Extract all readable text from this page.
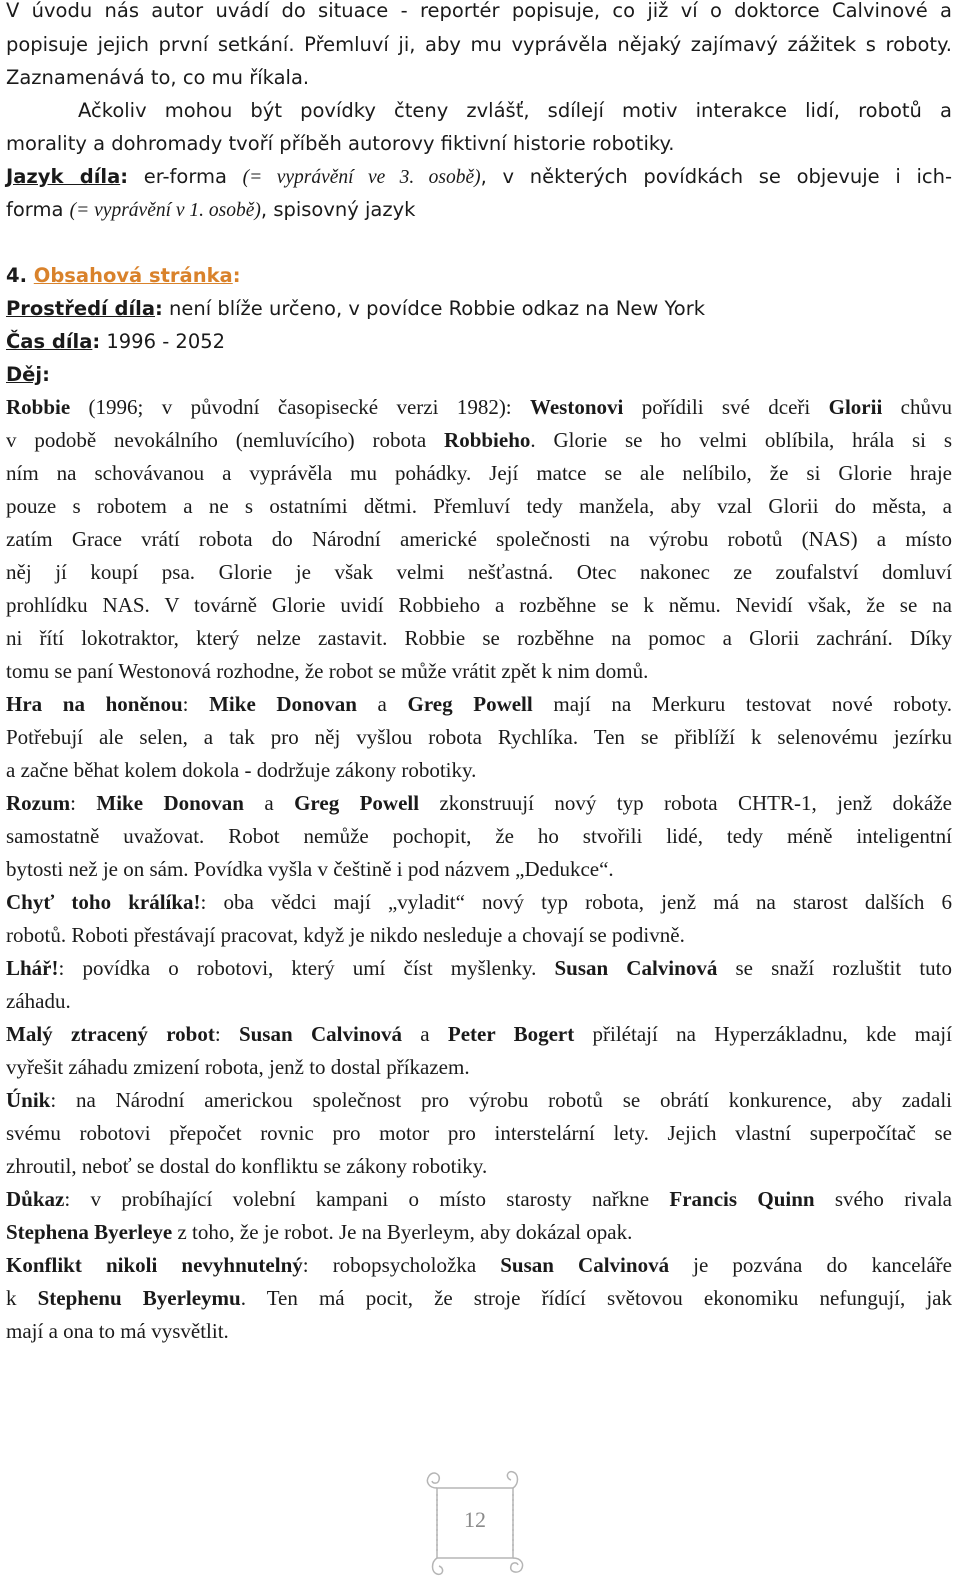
V úvodu nás autor uvádí do situace - reportér popisuje, co již ví o doktorce Calvinové a
popisuje jejich první setkání. Přemluví ji, aby mu vyprávěla nějaký zajímavý zážitek s roboty.
Zaznamenává to, co mu říkala.
Ačkoliv mohou být povídky čteny zvlášť, sdílejí motiv interakce lidí, robotů a
morality a dohromady tvoří příběh autorovy fiktivní historie robotiky.
Jazyk díla: er-forma (= vyprávění ve 3. osobě), v některých povídkách se objevuje i ich-
forma (= vyprávění v 1. osobě), spisovný jazyk
4. Obsahová stránka:
Prostředí díla: není blíže určeno, v povídce Robbie odkaz na New York
Čas díla: 1996 - 2052
Děj:
Robbie (1996; v původní časopisecké verzi 1982): Westonovi pořídili své dceři Glorii chůvu
v podobě nevokálního (nemluvícího) robota Robbieho. Glorie se ho velmi oblíbila, hrála si s
ním na schovávanou a vyprávěla mu pohádky. Její matce se ale nelíbilo, že si Glorie hraje
pouze s robotem a ne s ostatními dětmi. Přemluví tedy manžela, aby vzal Glorii do města, a
zatím Grace vrátí robota do Národní americké společnosti na výrobu robotů (NAS) a místo
něj jí koupí psa. Glorie je však velmi nešťastná. Otec nakonec ze zoufalství domluví
prohlídku NAS. V továrně Glorie uvidí Robbieho a rozběhne se k němu. Nevidí však, že se na
ni řítí lokotraktor, který nelze zastavit. Robbie se rozběhne na pomoc a Glorii zachrání. Díky
tomu se paní Westonová rozhodne, že robot se může vrátit zpět k nim domů.
Hra na honěnou: Mike Donovan a Greg Powell mají na Merkuru testovat nové roboty.
Potřebují ale selen, a tak pro něj vyšlou robota Rychlíka. Ten se přiblíží k selenovému jezírku
a začne běhat kolem dokola - dodržuje zákony robotiky.
Rozum: Mike Donovan a Greg Powell zkonstruují nový typ robota CHTR-1, jenž dokáže
samostatně uvažovat. Robot nemůže pochopit, že ho stvořili lidé, tedy méně inteligentní
bytosti než je on sám. Povídka vyšla v češtině i pod názvem „Dedukce“.
Chyť toho králíka!: oba vědci mají „vyladit“ nový typ robota, jenž má na starost dalších 6
robotů. Roboti přestávají pracovat, když je nikdo nesleduje a chovají se podivně.
Lhář!: povídka o robotovi, který umí číst myšlenky. Susan Calvinová se snaží rozluštit tuto
záhadu.
Malý ztracený robot: Susan Calvinová a Peter Bogert přilétají na Hyperzákladnu, kde mají
vyřešit záhadu zmizení robota, jenž to dostal příkazem.
Únik: na Národní americkou společnost pro výrobu robotů se obrátí konkurence, aby zadali
svému robotovi přepočet rovnic pro motor pro interstelární lety. Jejich vlastní superpočítač se
zhroutil, neboť se dostal do konfliktu se zákony robotiky.
Důkaz: v probíhající volební kampani o místo starosty nařkne Francis Quinn svého rivala
Stephena Byerleye z toho, že je robot. Je na Byerleym, aby dokázal opak.
Konflikt nikoli nevyhnutelný: robopsycholožka Susan Calvinová je pozvána do kanceláře
k Stephenu Byerleymu. Ten má pocit, že stroje řídící světovou ekonomiku nefungují, jak
mají a ona to má vysvětlit.
12
